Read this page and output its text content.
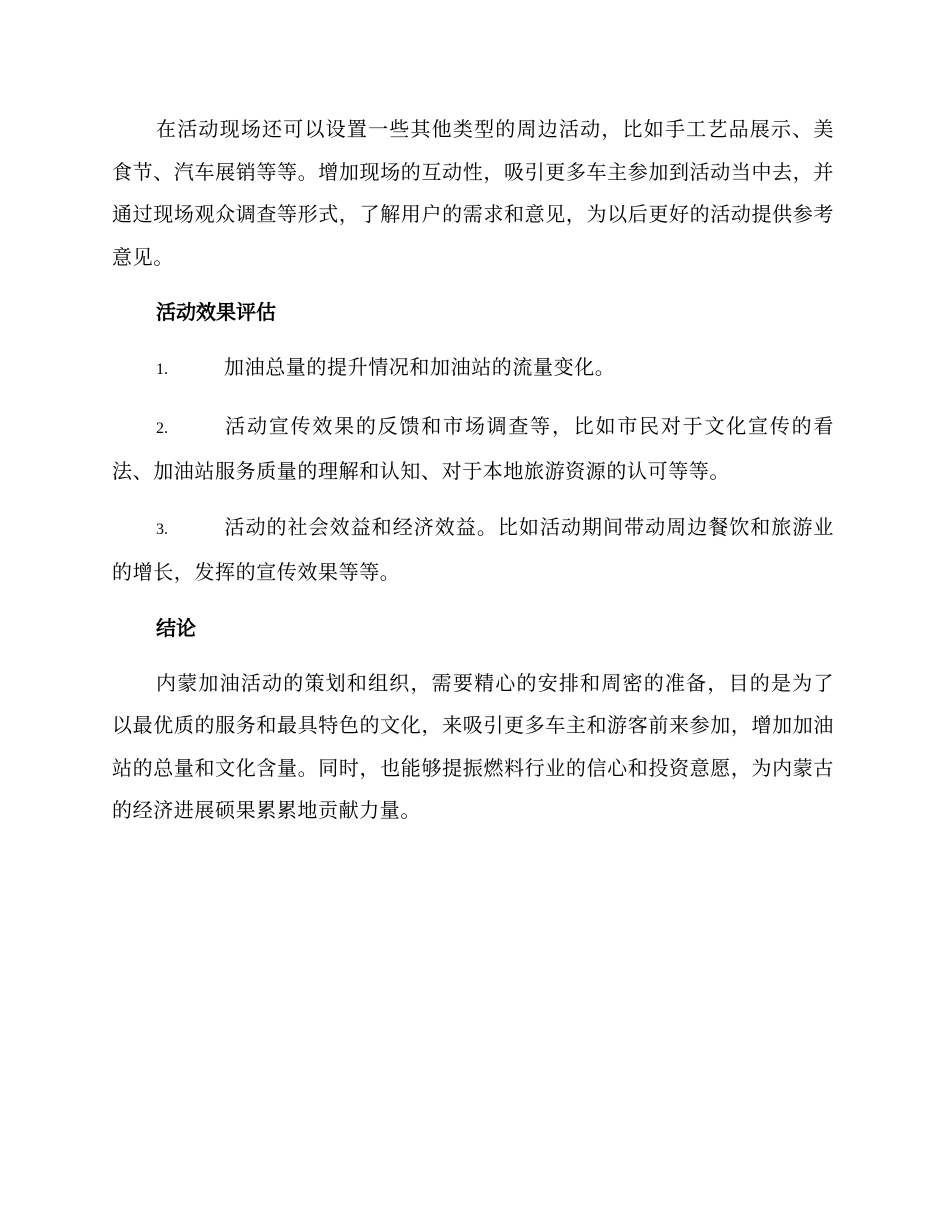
在活动现场还可以设置一些其他类型的周边活动，比如手工艺品展示、美食节、汽车展销等等。增加现场的互动性，吸引更多车主参加到活动当中去，并通过现场观众调查等形式，了解用户的需求和意见，为以后更好的活动提供参考意见。

活动效果评估
1.	加油总量的提升情况和加油站的流量变化。
2.	活动宣传效果的反馈和市场调查等，比如市民对于文化宣传的看法、加油站服务质量的理解和认知、对于本地旅游资源的认可等等。
3.	活动的社会效益和经济效益。比如活动期间带动周边餐饮和旅游业的增长，发挥的宣传效果等等。
结论

内蒙加油活动的策划和组织，需要精心的安排和周密的准备，目的是为了以最优质的服务和最具特色的文化，来吸引更多车主和游客前来参加，增加加油站的总量和文化含量。同时，也能够提振燃料行业的信心和投资意愿，为内蒙古的经济进展硕果累累地贡献力量。
